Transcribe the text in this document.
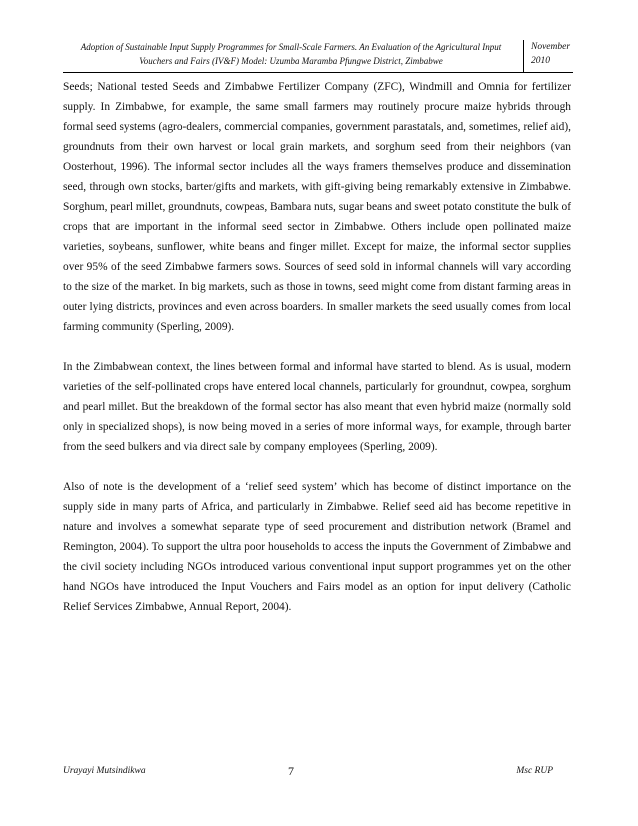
Adoption of Sustainable Input Supply Programmes for Small-Scale Farmers. An Evaluation of the Agricultural Input
Vouchers and Fairs (IV&F) Model: Uzumba Maramba Pfungwe District, Zimbabwe
November
2010

Seeds; National tested Seeds and Zimbabwe Fertilizer Company (ZFC), Windmill and Omnia for fertilizer supply. In Zimbabwe, for example, the same small farmers may routinely procure maize hybrids through formal seed systems (agro-dealers, commercial companies, government parastatals, and, sometimes, relief aid), groundnuts from their own harvest or local grain markets, and sorghum seed from their neighbors (van Oosterhout, 1996). The informal sector includes all the ways framers themselves produce and dissemination seed, through own stocks, barter/gifts and markets, with gift-giving being remarkably extensive in Zimbabwe. Sorghum, pearl millet, groundnuts, cowpeas, Bambara nuts, sugar beans and sweet potato constitute the bulk of crops that are important in the informal seed sector in Zimbabwe. Others include open pollinated maize varieties, soybeans, sunflower, white beans and finger millet. Except for maize, the informal sector supplies over 95% of the seed Zimbabwe farmers sows. Sources of seed sold in informal channels will vary according to the size of the market. In big markets, such as those in towns, seed might come from distant farming areas in outer lying districts, provinces and even across boarders. In smaller markets the seed usually comes from local farming community (Sperling, 2009).

In the Zimbabwean context, the lines between formal and informal have started to blend. As is usual, modern varieties of the self-pollinated crops have entered local channels, particularly for groundnut, cowpea, sorghum and pearl millet. But the breakdown of the formal sector has also meant that even hybrid maize (normally sold only in specialized shops), is now being moved in a series of more informal ways, for example, through barter from the seed bulkers and via direct sale by company employees (Sperling, 2009).

Also of note is the development of a ‘relief seed system’ which has become of distinct importance on the supply side in many parts of Africa, and particularly in Zimbabwe. Relief seed aid has become repetitive in nature and involves a somewhat separate type of seed procurement and distribution network (Bramel and Remington, 2004). To support the ultra poor households to access the inputs the Government of Zimbabwe and the civil society including NGOs introduced various conventional input support programmes yet on the other hand NGOs have introduced the Input Vouchers and Fairs model as an option for input delivery (Catholic Relief Services Zimbabwe, Annual Report, 2004).

Urayayi Mutsindikwa	7	Msc RUP
